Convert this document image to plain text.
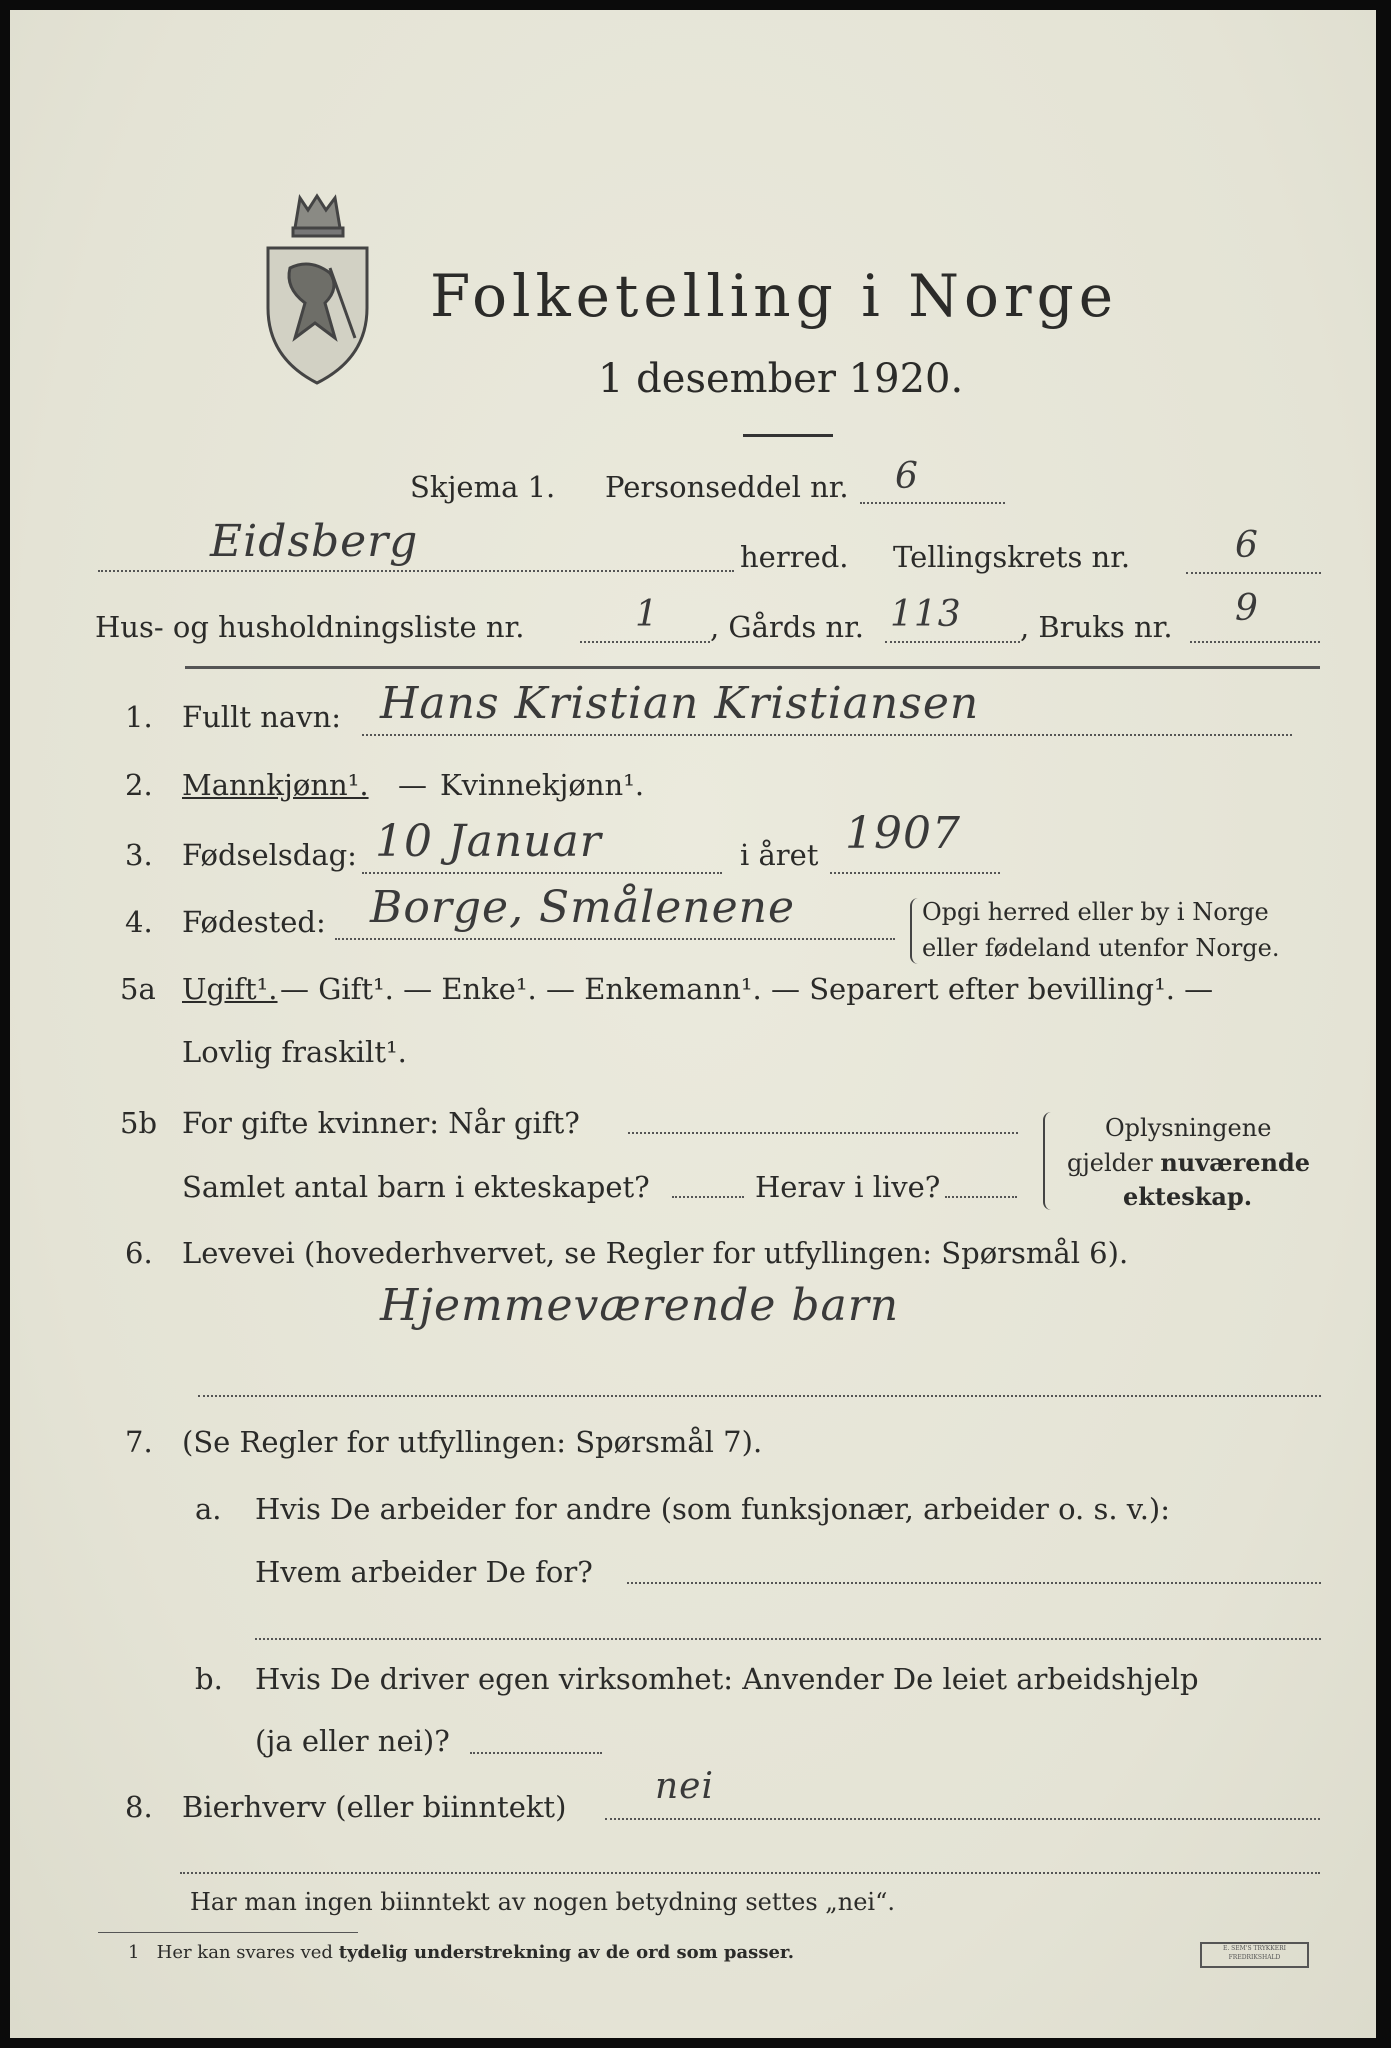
Folketelling i Norge
1 desember 1920.
Skjema 1. Personseddel nr. 6
Eidsberg	herred. Tellingskrets nr.	6
Hus- og husholdningsliste nr.	1 , Gårds nr. 113 , Bruks nr. 9
1. Fullt navn: Hans Kristian Kristiansen
2. Mannkjønn¹. — Kvinnekjønn¹.
3. Fødselsdag: 10 Januar	i året 1907
4. Fødested: Borge, Smålenene	Opgi herred eller by i Norge
eller fødeland utenfor Norge.
5a Ugift¹. — Gift¹. — Enke¹. — Enkemann¹. — Separert efter bevilling¹. —
Lovlig fraskilt¹.
5b For gifte kvinner: Når gift?
Samlet antal barn i ekteskapet?	Herav i live?
Oplysningene
gjelder nuværende
ekteskap.
6. Levevei (hovederhvervet, se Regler for utfyllingen: Spørsmål 6).
Hjemmeværende barn
7. (Se Regler for utfyllingen: Spørsmål 7).
a. Hvis De arbeider for andre (som funksjonær, arbeider o. s. v.):
Hvem arbeider De for?
b. Hvis De driver egen virksomhet: Anvender De leiet arbeidshjelp
(ja eller nei)?
8. Bierhverv (eller biinntekt) nei
Har man ingen biinntekt av nogen betydning settes „nei“.
1 Her kan svares ved tydelig understrekning av de ord som passer.	E. SEM'S TRYKKERI
FREDRIKSHALD
